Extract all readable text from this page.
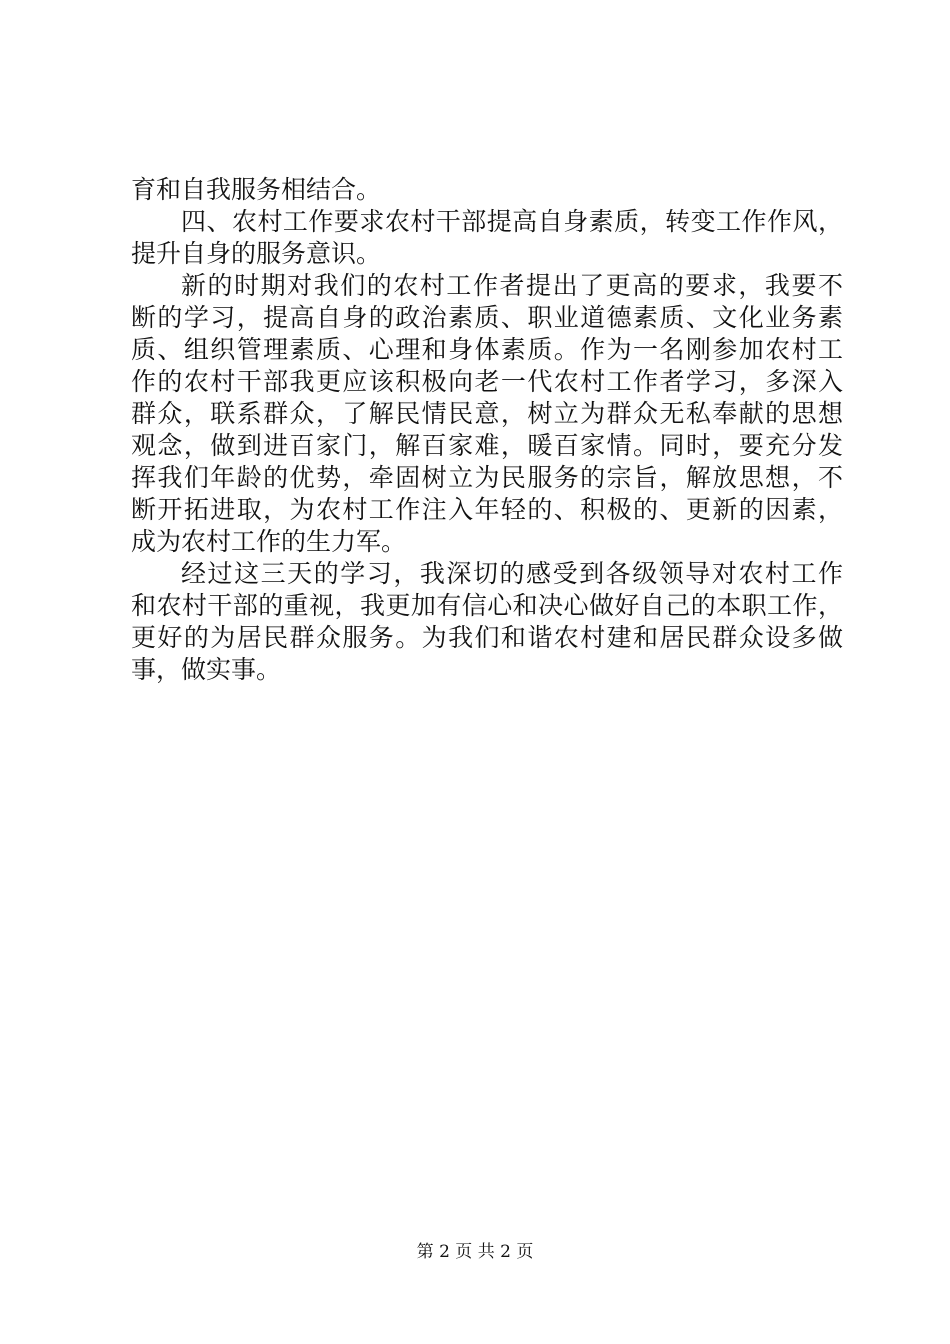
育和自我服务相结合。
四、农村工作要求农村干部提高自身素质，转变工作作风，
提升自身的服务意识。
新的时期对我们的农村工作者提出了更高的要求，我要不
断的学习，提高自身的政治素质、职业道德素质、文化业务素
质、组织管理素质、心理和身体素质。作为一名刚参加农村工
作的农村干部我更应该积极向老一代农村工作者学习，多深入
群众，联系群众，了解民情民意，树立为群众无私奉献的思想
观念，做到进百家门，解百家难，暖百家情。同时，要充分发
挥我们年龄的优势，牵固树立为民服务的宗旨，解放思想，不
断开拓进取，为农村工作注入年轻的、积极的、更新的因素，
成为农村工作的生力军。
经过这三天的学习，我深切的感受到各级领导对农村工作
和农村干部的重视，我更加有信心和决心做好自己的本职工作，
更好的为居民群众服务。为我们和谐农村建和居民群众设多做
事，做实事。
第 2 页 共 2 页
